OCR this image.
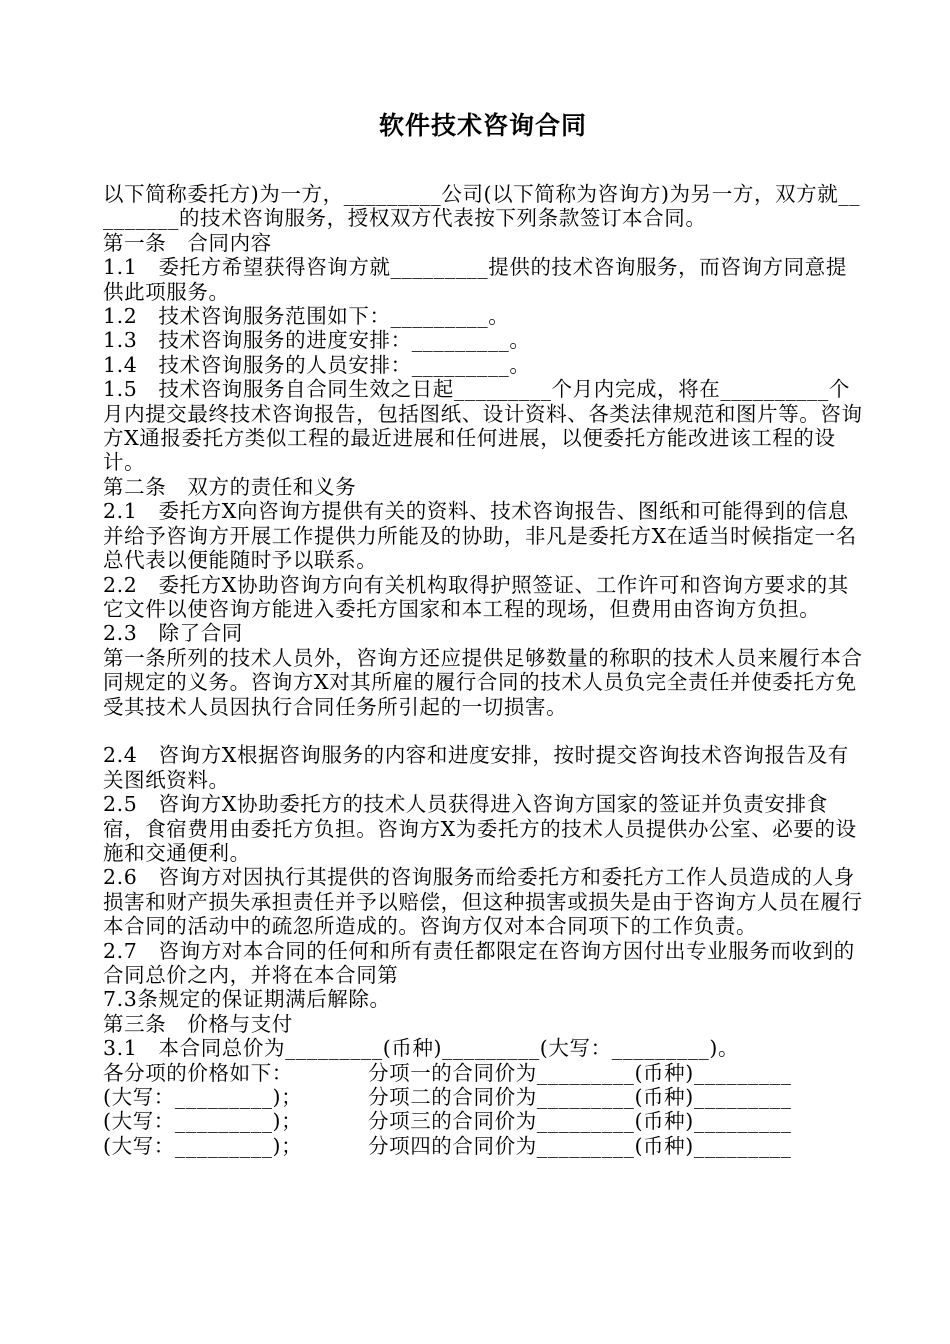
软件技术咨询合同

以下简称委托方)为一方，_________公司(以下简称为咨询方)为另一方，双方就_________的技术咨询服务，授权双方代表按下列条款签订本合同。

第一条　合同内容

1.1　委托方希望获得咨询方就_________提供的技术咨询服务，而咨询方同意提供此项服务。

1.2　技术咨询服务范围如下：_________。

1.3　技术咨询服务的进度安排：_________。

1.4　技术咨询服务的人员安排：_________。

1.5　技术咨询服务自合同生效之日起_________个月内完成，将在__________个月内提交最终技术咨询报告，包括图纸、设计资料、各类法律规范和图片等。咨询方X通报委托方类似工程的最近进展和任何进展，以便委托方能改进该工程的设计。

第二条　双方的责任和义务

2.1　委托方X向咨询方提供有关的资料、技术咨询报告、图纸和可能得到的信息并给予咨询方开展工作提供力所能及的协助，非凡是委托方X在适当时候指定一名总代表以便能随时予以联系。

2.2　委托方X协助咨询方向有关机构取得护照签证、工作许可和咨询方要求的其它文件以使咨询方能进入委托方国家和本工程的现场，但费用由咨询方负担。

2.3　除了合同

第一条所列的技术人员外，咨询方还应提供足够数量的称职的技术人员来履行本合同规定的义务。咨询方X对其所雇的履行合同的技术人员负完全责任并使委托方免受其技术人员因执行合同任务所引起的一切损害。

2.4　咨询方X根据咨询服务的内容和进度安排，按时提交咨询技术咨询报告及有关图纸资料。

2.5　咨询方X协助委托方的技术人员获得进入咨询方国家的签证并负责安排食宿，食宿费用由委托方负担。咨询方X为委托方的技术人员提供办公室、必要的设施和交通便利。

2.6　咨询方对因执行其提供的咨询服务而给委托方和委托方工作人员造成的人身损害和财产损失承担责任并予以赔偿，但这种损害或损失是由于咨询方人员在履行本合同的活动中的疏忽所造成的。咨询方仅对本合同项下的工作负责。

2.7　咨询方对本合同的任何和所有责任都限定在咨询方因付出专业服务而收到的合同总价之内，并将在本合同第

7.3条规定的保证期满后解除。

第三条　价格与支付

3.1　本合同总价为_________(币种)_________(大写：_________)。

各分项的价格如下：	分项一的合同价为_________(币种)_________
(大写：_________)；	分项二的合同价为_________(币种)_________
(大写：_________)；	分项三的合同价为_________(币种)_________
(大写：_________)；	分项四的合同价为_________(币种)_________
